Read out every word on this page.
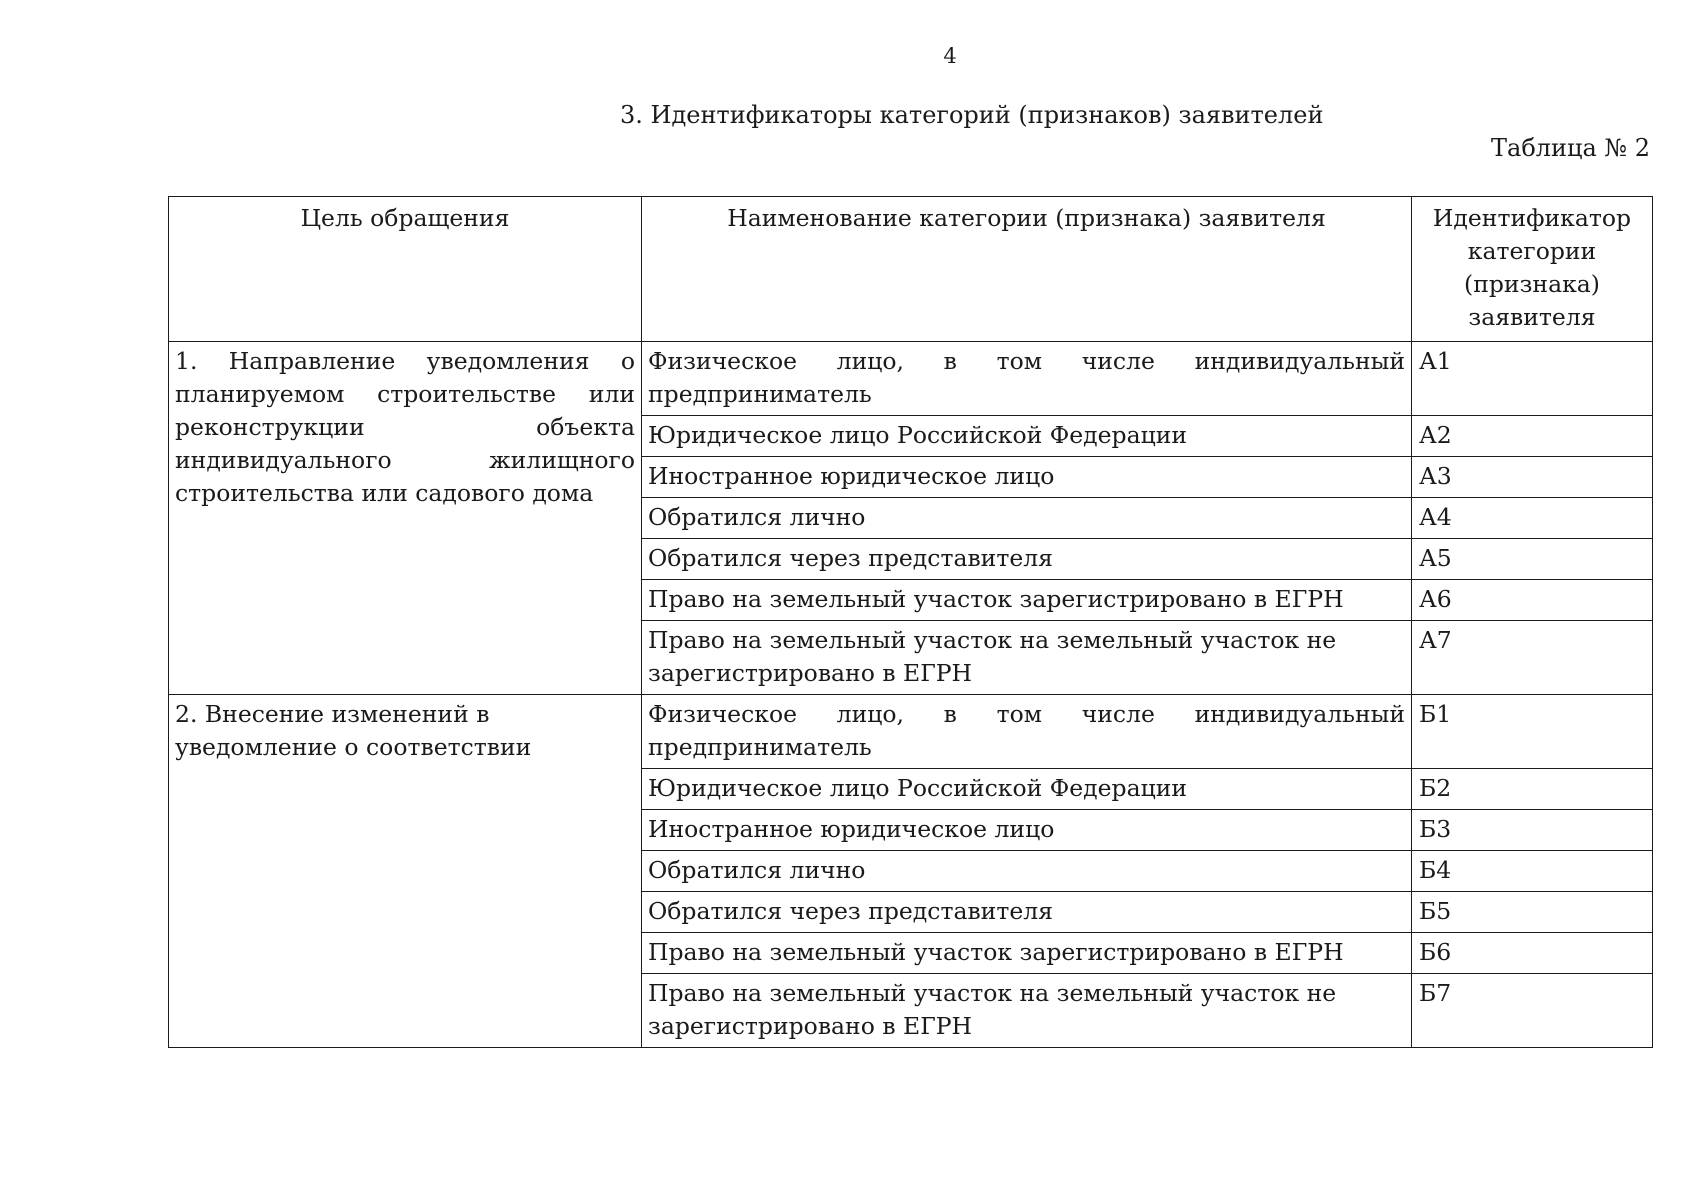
4
3. Идентификаторы категорий (признаков) заявителей
Таблица № 2
Цель обращения	Наименование категории (признака) заявителя	Идентификатор категории (признака) заявителя
1. Направление уведомления о планируемом строительстве или реконструкции объекта индивидуального жилищного строительства или садового дома	Физическое лицо, в том числе индивидуальный предприниматель	А1
	Юридическое лицо Российской Федерации	А2
	Иностранное юридическое лицо	А3
	Обратился лично	А4
	Обратился через представителя	А5
	Право на земельный участок зарегистрировано в ЕГРН	А6
	Право на земельный участок на земельный участок не зарегистрировано в ЕГРН	А7
2. Внесение изменений в уведомление о соответствии	Физическое лицо, в том числе индивидуальный предприниматель	Б1
	Юридическое лицо Российской Федерации	Б2
	Иностранное юридическое лицо	Б3
	Обратился лично	Б4
	Обратился через представителя	Б5
	Право на земельный участок зарегистрировано в ЕГРН	Б6
	Право на земельный участок на земельный участок не зарегистрировано в ЕГРН	Б7
